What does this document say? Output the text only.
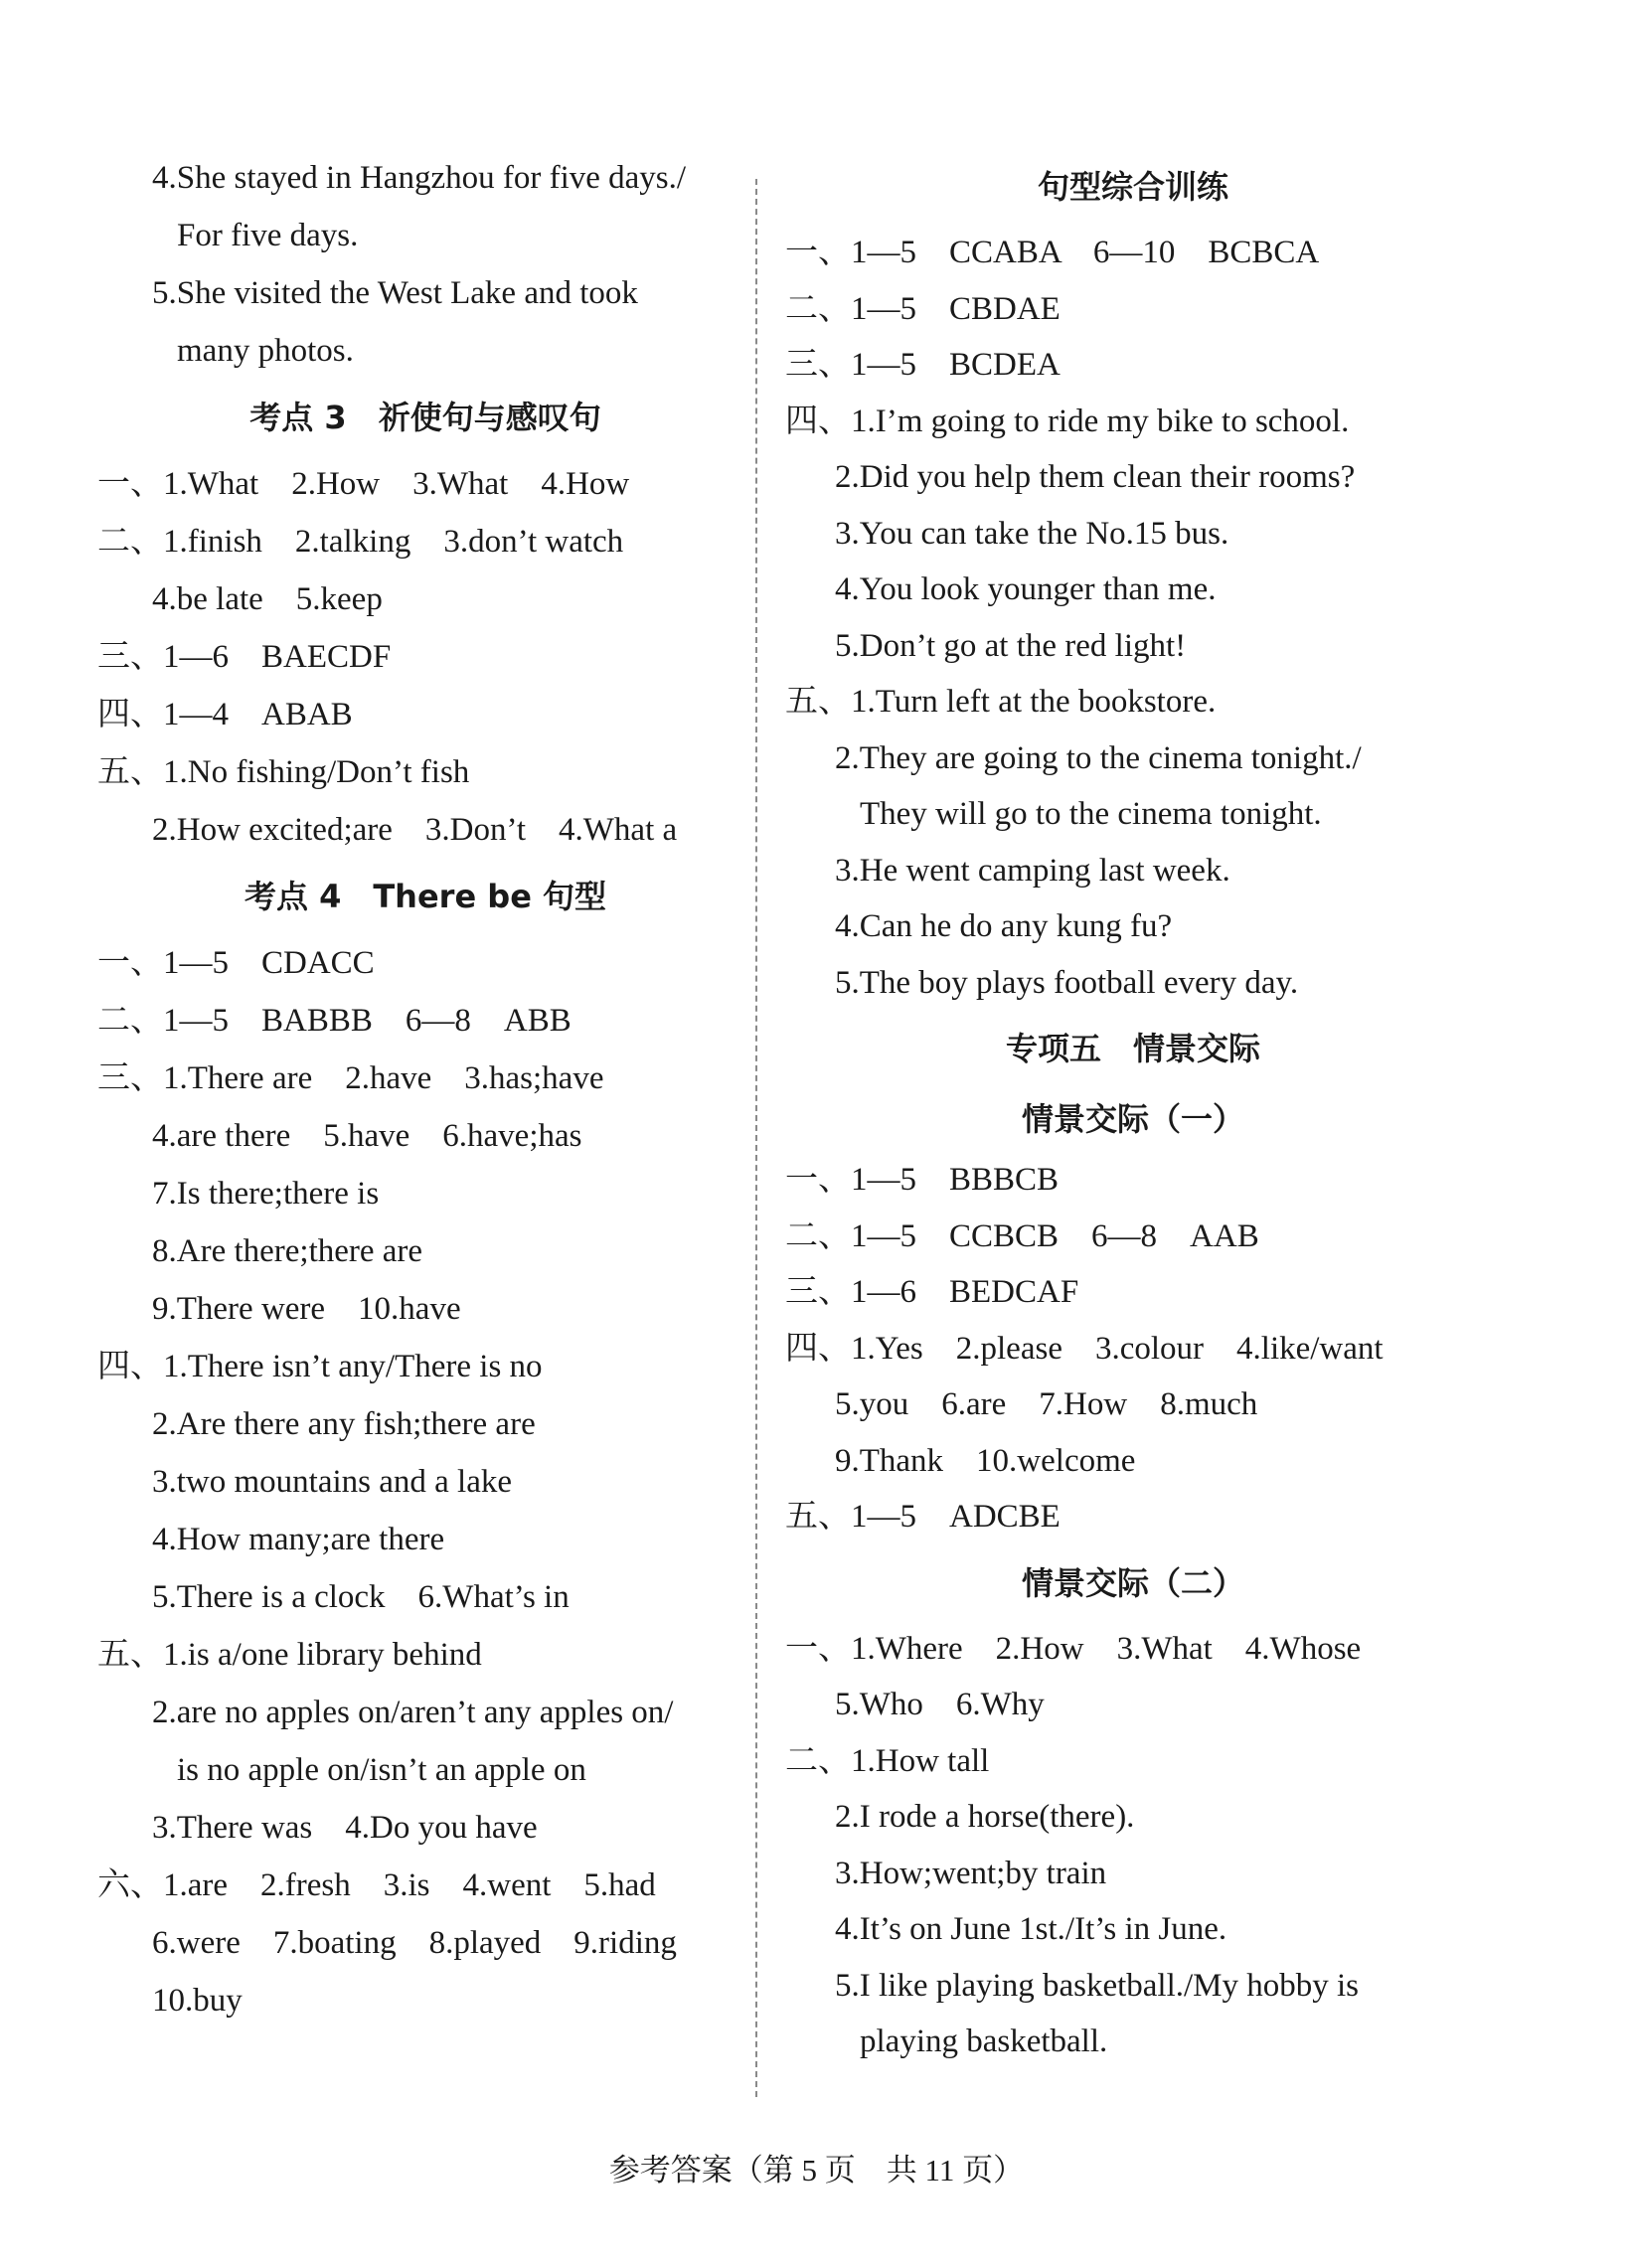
4.She stayed in Hangzhou for five days./
For five days.
5.She visited the West Lake and took
many photos.
考点 3　祈使句与感叹句
一、1.What　2.How　3.What　4.How
二、1.finish　2.talking　3.don’t watch
4.be late　5.keep
三、1—6　BAECDF
四、1—4　ABAB
五、1.No fishing/Don’t fish
2.How excited;are　3.Don’t　4.What a
考点 4　There be 句型
一、1—5　CDACC
二、1—5　BABBB　6—8　ABB
三、1.There are　2.have　3.has;have
4.are there　5.have　6.have;has
7.Is there;there is
8.Are there;there are
9.There were　10.have
四、1.There isn’t any/There is no
2.Are there any fish;there are
3.two mountains and a lake
4.How many;are there
5.There is a clock　6.What’s in
五、1.is a/one library behind
2.are no apples on/aren’t any apples on/
is no apple on/isn’t an apple on
3.There was　4.Do you have
六、1.are　2.fresh　3.is　4.went　5.had
6.were　7.boating　8.played　9.riding
10.buy
句型综合训练
一、1—5　CCABA　6—10　BCBCA
二、1—5　CBDAE
三、1—5　BCDEA
四、1.I’m going to ride my bike to school.
2.Did you help them clean their rooms?
3.You can take the No.15 bus.
4.You look younger than me.
5.Don’t go at the red light!
五、1.Turn left at the bookstore.
2.They are going to the cinema tonight./
They will go to the cinema tonight.
3.He went camping last week.
4.Can he do any kung fu?
5.The boy plays football every day.
专项五　情景交际
情景交际（一）
一、1—5　BBBCB
二、1—5　CCBCB　6—8　AAB
三、1—6　BEDCAF
四、1.Yes　2.please　3.colour　4.like/want
5.you　6.are　7.How　8.much
9.Thank　10.welcome
五、1—5　ADCBE
情景交际（二）
一、1.Where　2.How　3.What　4.Whose
5.Who　6.Why
二、1.How tall
2.I rode a horse(there).
3.How;went;by train
4.It’s on June 1st./It’s in June.
5.I like playing basketball./My hobby is
playing basketball.
参考答案（第 5 页　共 11 页）
